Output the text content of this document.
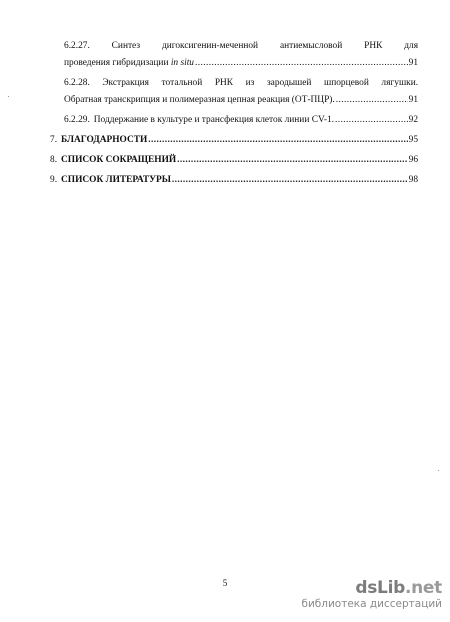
6.2.27. Синтез дигоксигенин-меченной антиемысловой РНК для
проведения гибридизации in situ .....	91
6.2.28. Экстракция тотальной РНК из зародышей шпорцевой лягушки.
Обратная транскрипция и полимеразная цепная реакция (ОТ-ПЦР). .....	91
6.2.29. Поддержание в культуре и трансфекция клеток линии CV-1. .....	92
7. БЛАГОДАРНОСТИ .....	95
8. СПИСОК СОКРАЩЕНИЙ .....	96
9. СПИСОК ЛИТЕРАТУРЫ .....	98
5	dsLib.net
библиотека диссертаций
